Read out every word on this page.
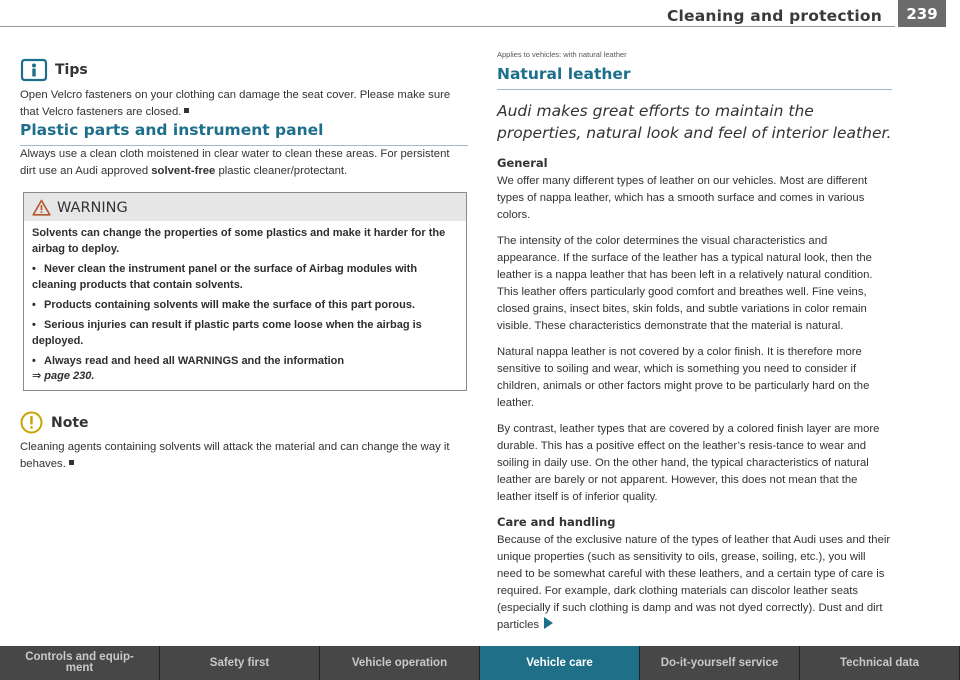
Cleaning and protection	239
Tips

Open Velcro fasteners on your clothing can damage the seat cover. Please make sure that Velcro fasteners are closed.

Plastic parts and instrument panel

Always use a clean cloth moistened in clear water to clean these areas. For persistent dirt use an Audi approved solvent-free plastic cleaner/protectant.

WARNING

Solvents can change the properties of some plastics and make it harder for the airbag to deploy.

• Never clean the instrument panel or the surface of Airbag modules with cleaning products that contain solvents.

• Products containing solvents will make the surface of this part porous.

• Serious injuries can result if plastic parts come loose when the airbag is deployed.

• Always read and heed all WARNINGS and the information

⇒ page 230.
Note

Cleaning agents containing solvents will attack the material and can change the way it behaves.

Applies to vehicles: with natural leather
Natural leather
Audi makes great efforts to maintain the properties, natural look and feel of interior leather.
General

We offer many different types of leather on our vehicles. Most are different types of nappa leather, which has a smooth surface and comes in various colors.

The intensity of the color determines the visual characteristics and appearance. If the surface of the leather has a typical natural look, then the leather is a nappa leather that has been left in a relatively natural condition. This leather offers particularly good comfort and breathes well. Fine veins, closed grains, insect bites, skin folds, and subtle variations in color remain visible. These characteristics demonstrate that the material is natural.

Natural nappa leather is not covered by a color finish. It is therefore more sensitive to soiling and wear, which is something you need to consider if children, animals or other factors might prove to be particularly hard on the leather.

By contrast, leather types that are covered by a colored finish layer are more durable. This has a positive effect on the leather’s resis-tance to wear and soiling in daily use. On the other hand, the typical characteristics of natural leather are barely or not apparent. However, this does not mean that the leather itself is of inferior quality.

Care and handling

Because of the exclusive nature of the types of leather that Audi uses and their unique properties (such as sensitivity to oils, grease, soiling, etc.), you will need to be somewhat careful with these leathers, and a certain type of care is required. For example, dark clothing materials can discolor leather seats (especially if such clothing is damp and was not dyed correctly). Dust and dirt particles

Controls and equip-
ment	Safety first	Vehicle operation	Vehicle care	Do-it-yourself service	Technical data
